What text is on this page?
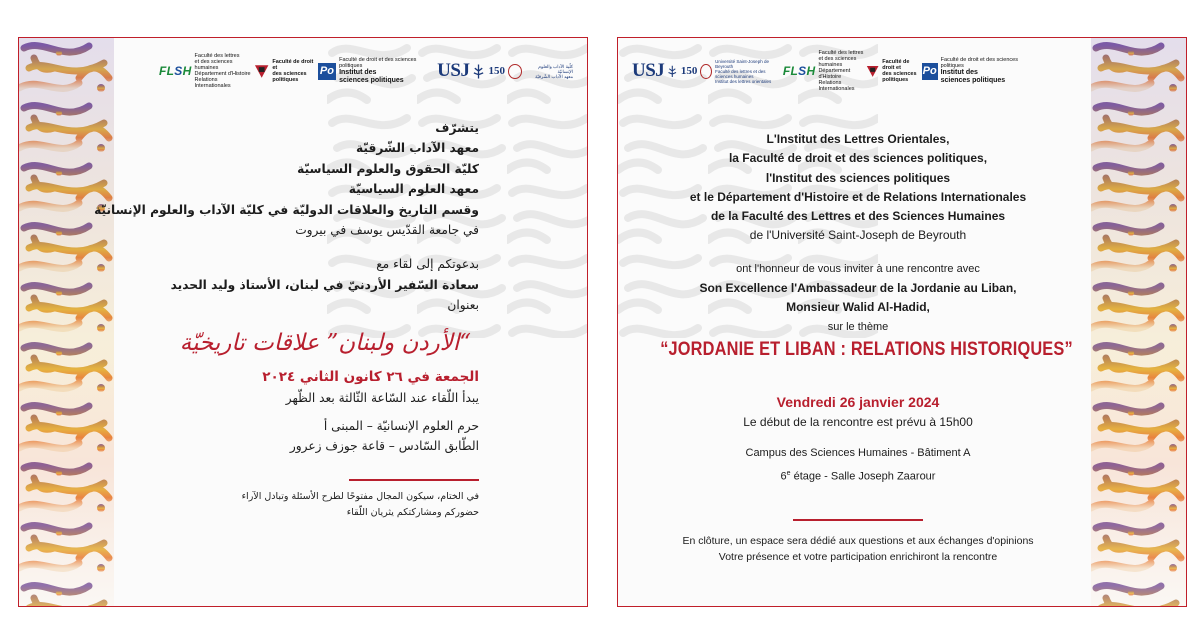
FLSH
Faculté des lettres
et des sciences humaines
Département d'Histoire
Relations Internationales
Faculté de droit et
des sciences
politiques
Po
Faculté de droit et des sciences politiques
Institut des
sciences politiques	USJ 150	كلّية الآداب والعلوم الإنسانيّة
معهد الآداب الشّرقيّة
يتشرّف
معهد الآداب الشّرقيّة
كليّة الحقوق والعلوم السياسيّة
معهد العلوم السياسيّة
وقسم التاريخ والعلاقات الدوليّة في كليّة الآداب والعلوم الإنسانيّة
في جامعة القدّيس يوسف في بيروت
بدعوتكم إلى لقاء مع
سعادة السّفير الأردنيّ في لبنان، الأستاذ وليد الحديد
بعنوان
“الأردن ولبنان” علاقات تاريخيّة
الجمعة في ٢٦ كانون الثاني ٢٠٢٤
يبدأ اللّقاء عند السّاعة الثّالثة بعد الظّهر
حرم العلوم الإنسانيّة – المبنى أ
الطّابق السّادس – قاعة جوزف زعرور
في الختام، سيكون المجال مفتوحًا لطرح الأسئلة وتبادل الآراء
حضوركم ومشاركتكم يثريان اللّقاء
USJ 150
Université Saint-Joseph de Beyrouth
Faculté des lettres et des sciences humaines
Institut des lettres orientales
FLSH
Faculté des lettres
et des sciences humaines
Département d'Histoire
Relations Internationales
Faculté de droit et
des sciences
politiques
Po
Faculté de droit et des sciences politiques
Institut des
sciences politiques
L'Institut des Lettres Orientales,
la Faculté de droit et des sciences politiques,
l'Institut des sciences politiques
et le Département d'Histoire et de Relations Internationales
de la Faculté des Lettres et des Sciences Humaines
de l'Université Saint-Joseph de Beyrouth
ont l'honneur de vous inviter à une rencontre avec
Son Excellence l'Ambassadeur de la Jordanie au Liban,
Monsieur Walid Al-Hadid,
sur le thème
“JORDANIE ET LIBAN : RELATIONS HISTORIQUES”
Vendredi 26 janvier 2024
Le début de la rencontre est prévu à 15h00
Campus des Sciences Humaines - Bâtiment A
6e étage - Salle Joseph Zaarour
En clôture, un espace sera dédié aux questions et aux échanges d'opinions
Votre présence et votre participation enrichiront la rencontre
